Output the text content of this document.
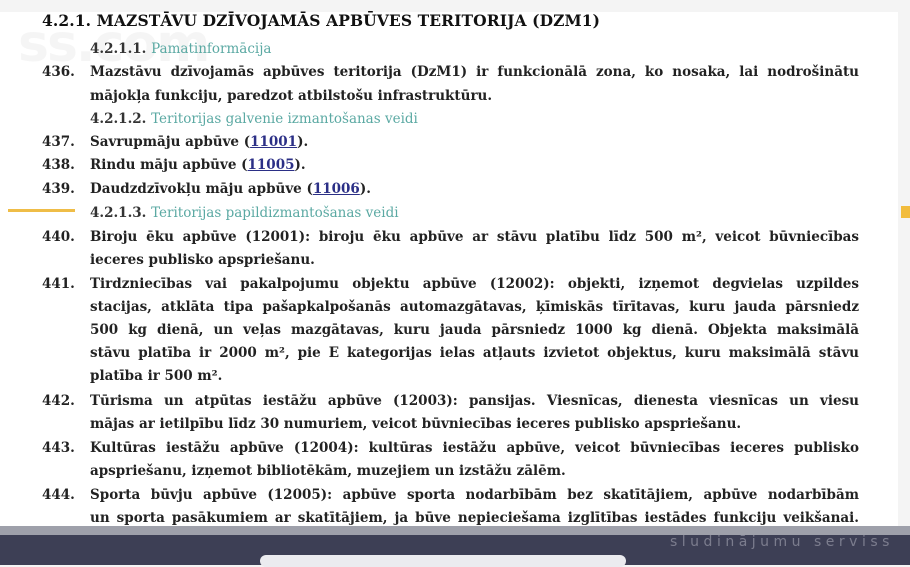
4.2.1. MAZSTĀVU DZĪVOJAMĀS APBŪVES TERITORIJA (DZM1)
4.2.1.1. Pamatinformācija
436. Mazstāvu dzīvojamās apbūves teritorija (DzM1) ir funkcionālā zona, ko nosaka, lai nodrošinātu
mājokļa funkciju, paredzot atbilstošu infrastruktūru.
4.2.1.2. Teritorijas galvenie izmantošanas veidi
437. Savrupmāju apbūve (11001).
438. Rindu māju apbūve (11005).
439. Daudzdzīvokļu māju apbūve (11006).
4.2.1.3. Teritorijas papildizmantošanas veidi
440. Biroju ēku apbūve (12001): biroju ēku apbūve ar stāvu platību līdz 500 m², veicot būvniecības
ieceres publisko apspriešanu.
441. Tirdzniecības vai pakalpojumu objektu apbūve (12002): objekti, izņemot degvielas uzpildes
stacijas, atklāta tipa pašapkalpošanās automazgātavas, ķīmiskās tīrītavas, kuru jauda pārsniedz
500 kg dienā, un veļas mazgātavas, kuru jauda pārsniedz 1000 kg dienā. Objekta maksimālā
stāvu platība ir 2000 m², pie E kategorijas ielas atļauts izvietot objektus, kuru maksimālā stāvu
platība ir 500 m².
442. Tūrisma un atpūtas iestāžu apbūve (12003): pansijas. Viesnīcas, dienesta viesnīcas un viesu
mājas ar ietilpību līdz 30 numuriem, veicot būvniecības ieceres publisko apspriešanu.
443. Kultūras iestāžu apbūve (12004): kultūras iestāžu apbūve, veicot būvniecības ieceres publisko
apspriešanu, izņemot bibliotēkām, muzejiem un izstāžu zālēm.
444. Sporta būvju apbūve (12005): apbūve sporta nodarbībām bez skatītājiem, apbūve nodarbībām
un sporta pasākumiem ar skatītājiem, ja būve nepieciešama izglītības iestādes funkciju veikšanai.
sludinājumu serviss
